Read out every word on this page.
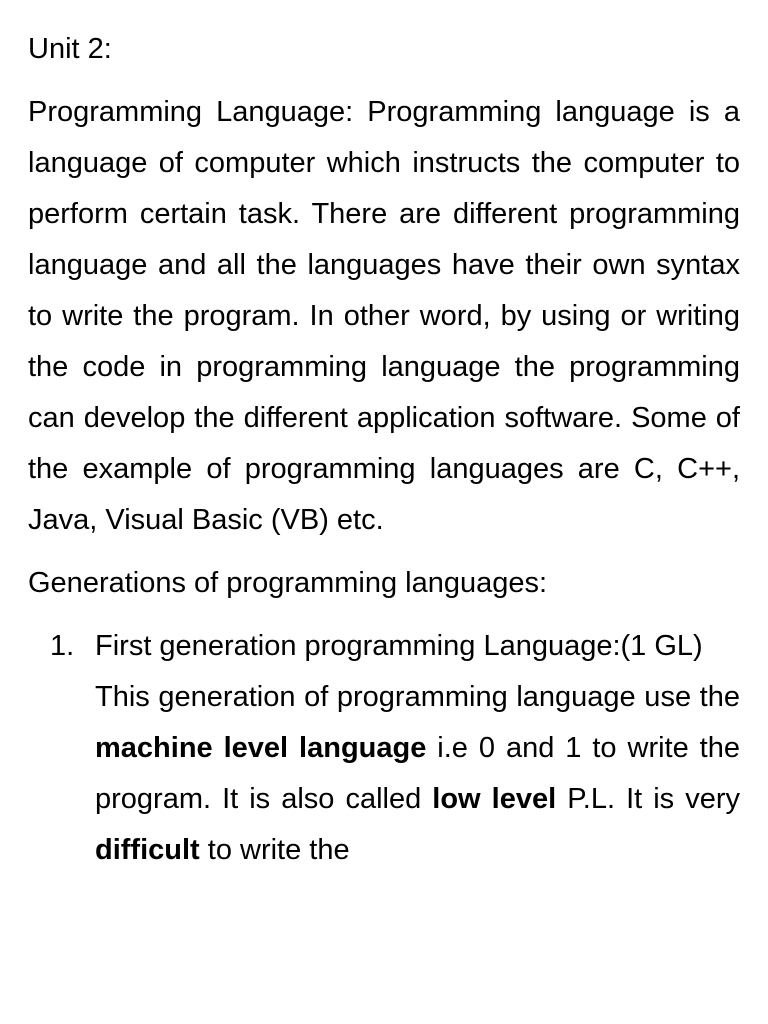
Unit 2:

Programming Language: Programming language is a language of computer which instructs the computer to perform certain task. There are different programming language and all the languages have their own syntax to write the program. In other word, by using or writing the code in programming language the programming can develop the different application software. Some of the example of programming languages are C, C++, Java, Visual Basic (VB) etc.

Generations of programming languages:

1. First generation programming Language:(1 GL)

This generation of programming language use the machine level language i.e 0 and 1 to write the program. It is also called low level P.L. It is very difficult to write the
